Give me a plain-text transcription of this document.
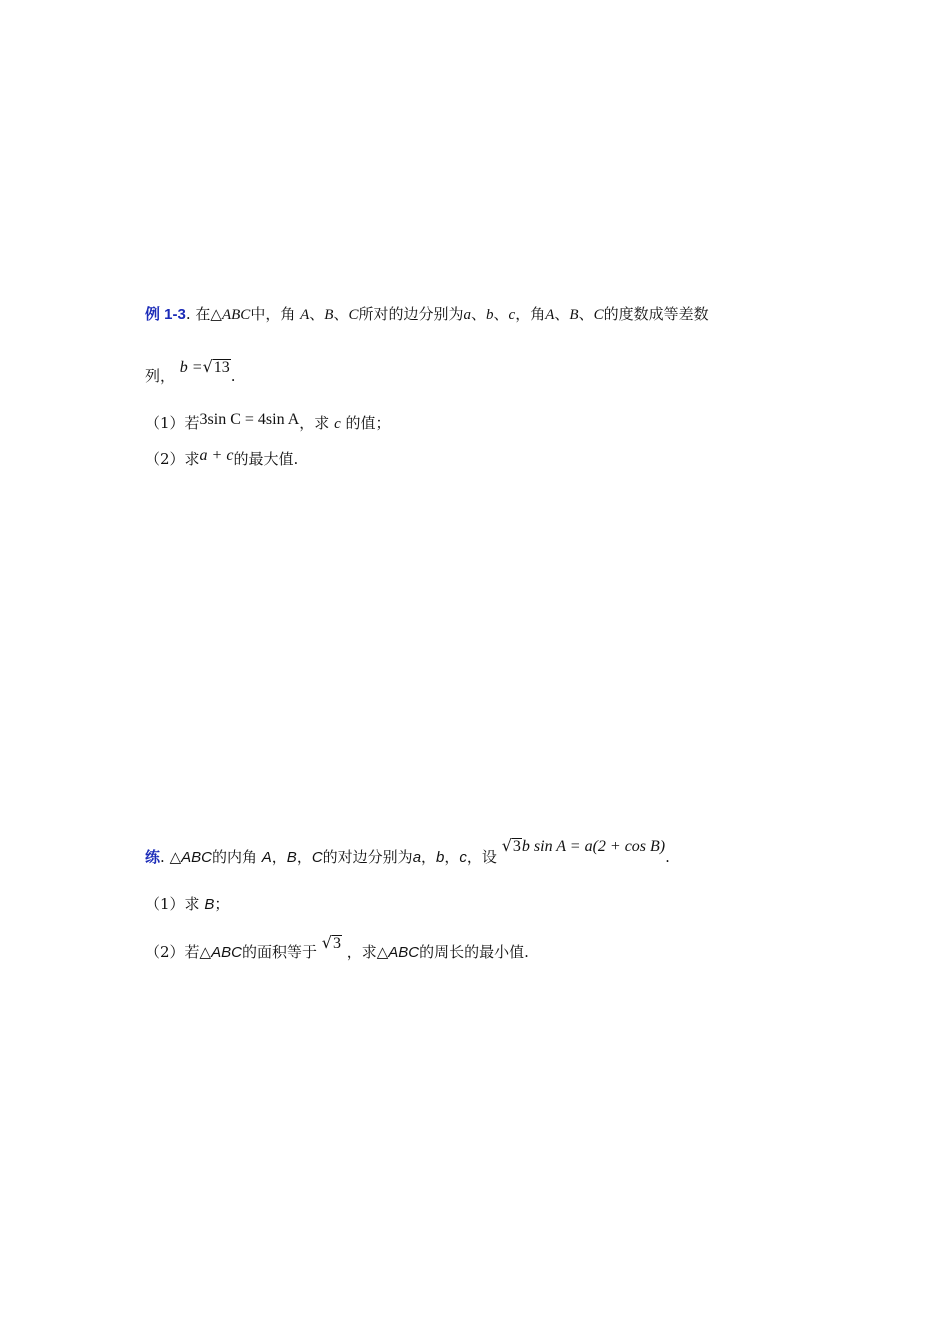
例 1-3. 在△ABC中，角 A、B、C所对的边分别为a、b、c，角A、B、C的度数成等差数
列， b =√13.
（1）若3sin C = 4sin A，求 c 的值；
（2）求a + c的最大值.
练. △ABC的内角 A，B，C的对边分别为a，b，c，设 √3b sin A = a(2 + cos B).
（1）求 B；
（2）若△ABC的面积等于 √3 ，求△ABC的周长的最小值.
